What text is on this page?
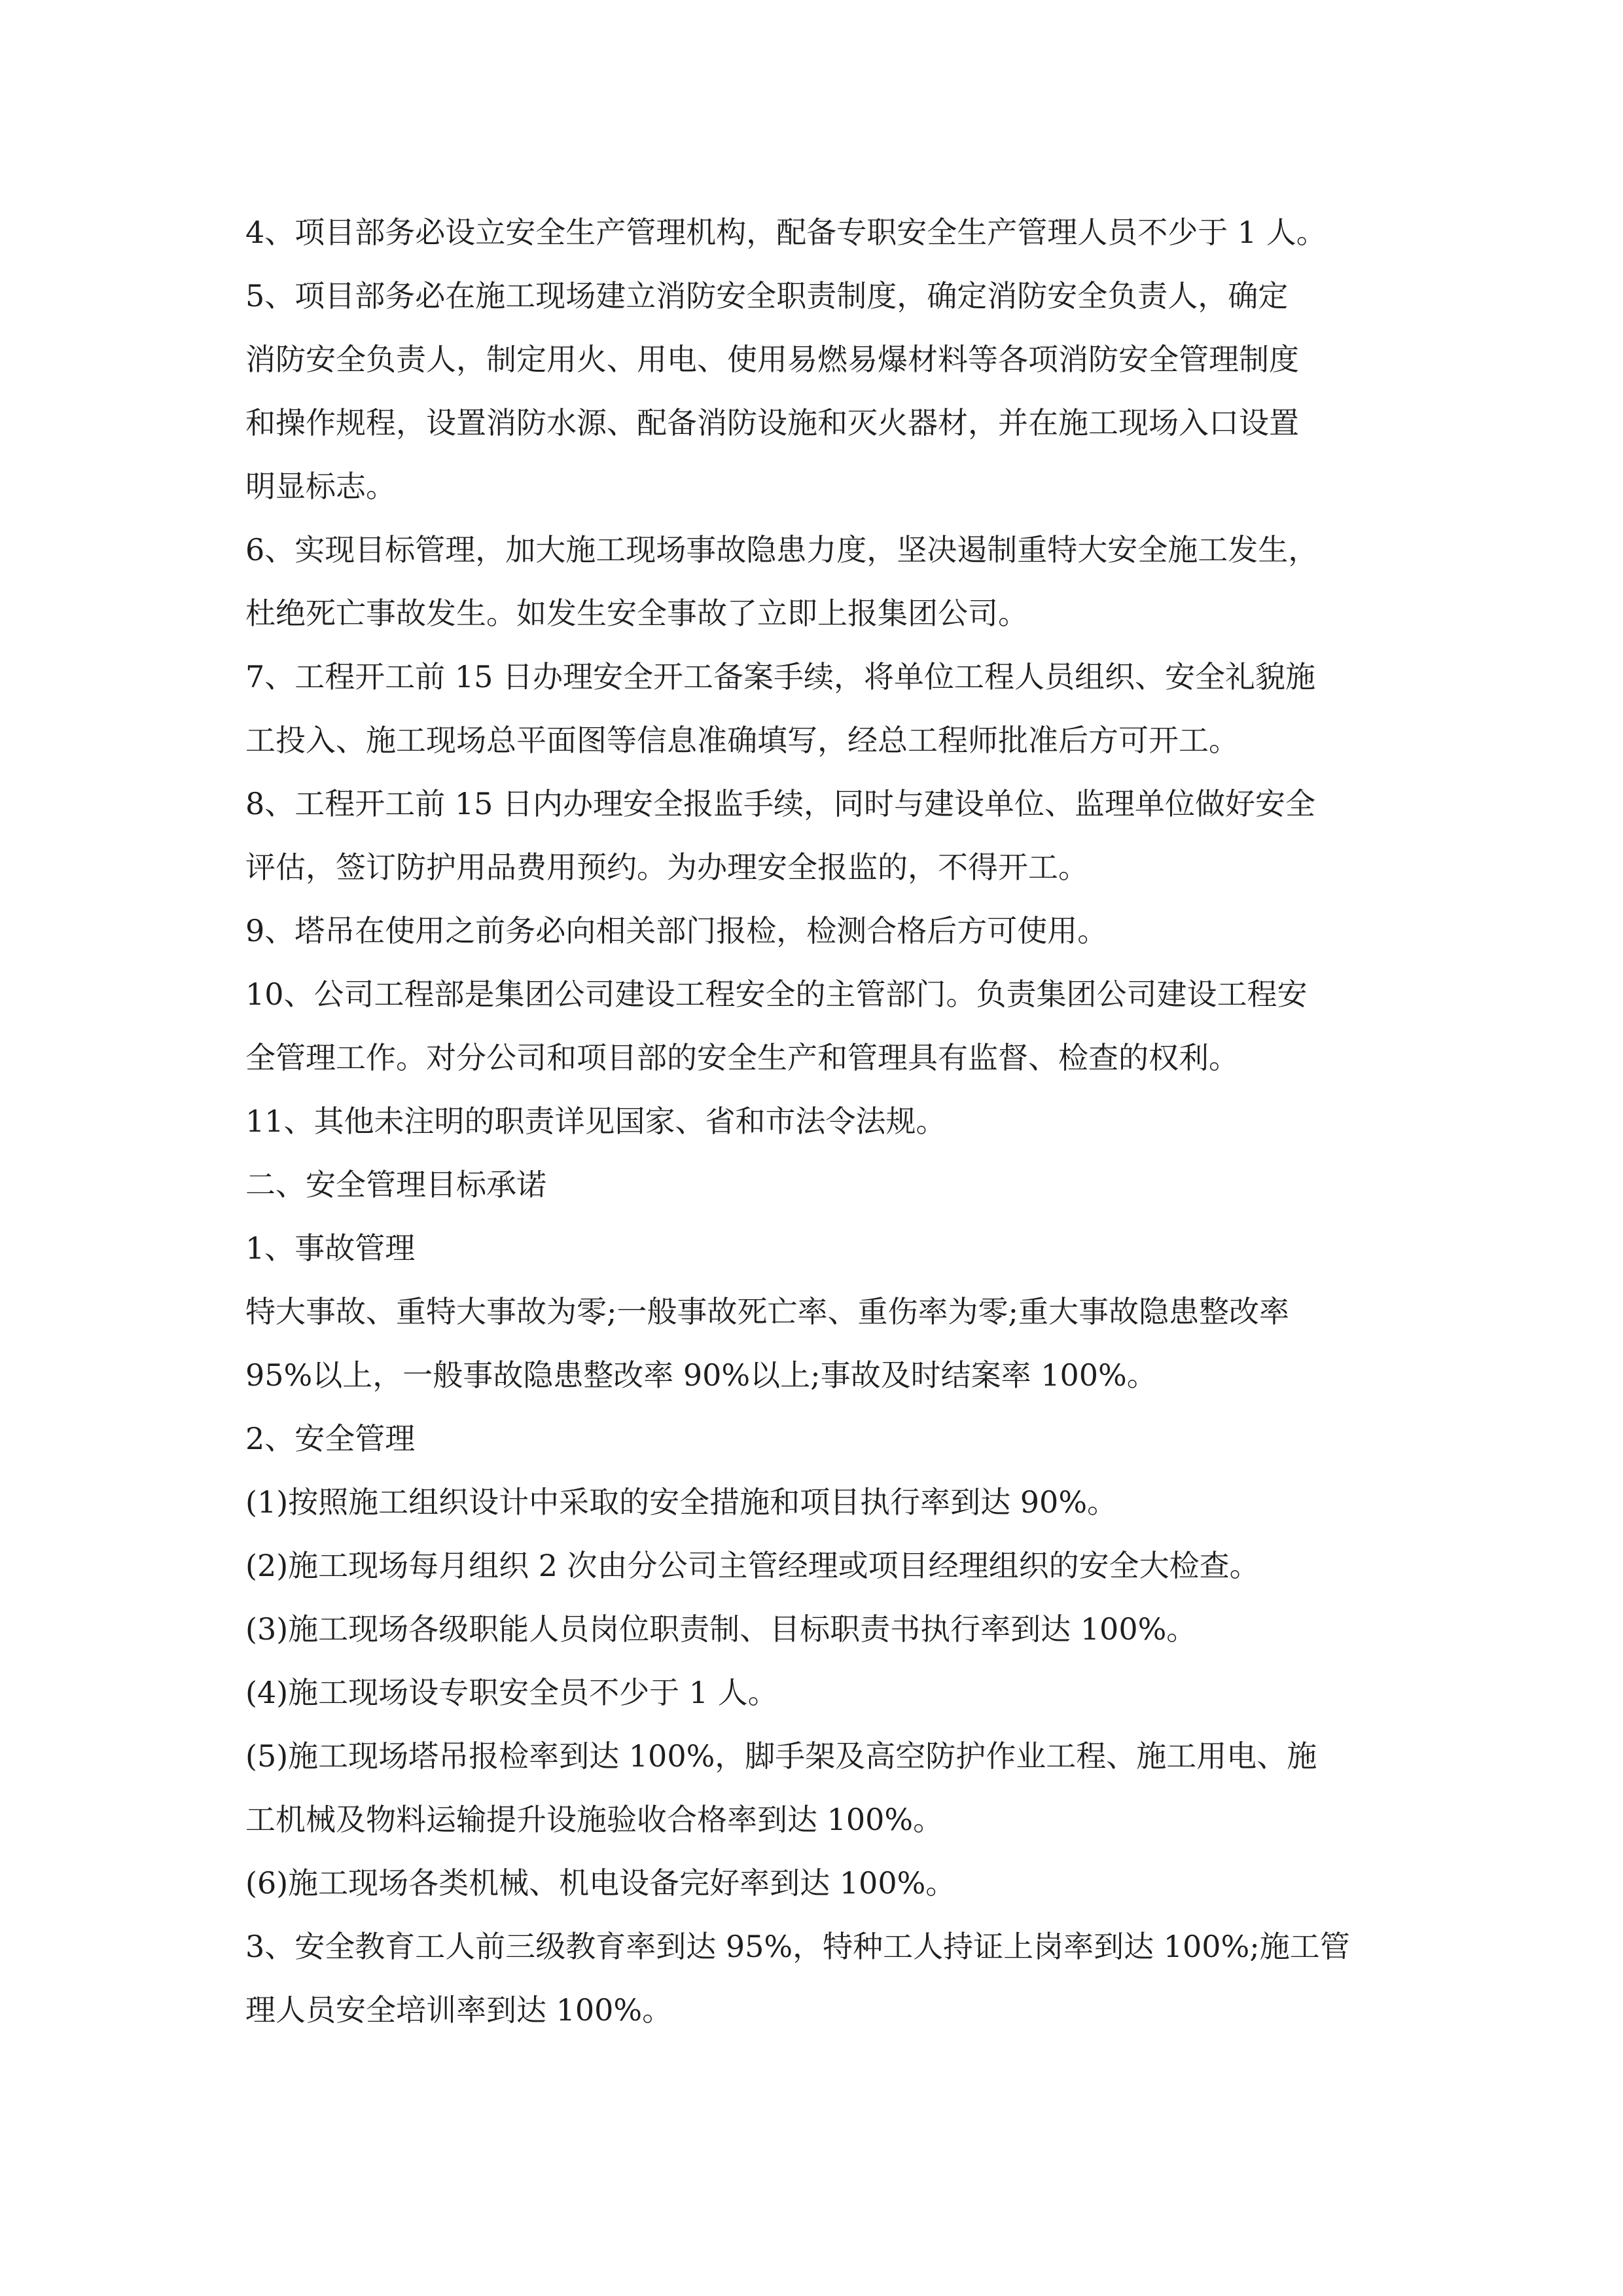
4、项目部务必设立安全生产管理机构，配备专职安全生产管理人员不少于 1 人。
5、项目部务必在施工现场建立消防安全职责制度，确定消防安全负责人，确定
消防安全负责人，制定用火、用电、使用易燃易爆材料等各项消防安全管理制度
和操作规程，设置消防水源、配备消防设施和灭火器材，并在施工现场入口设置
明显标志。
6、实现目标管理，加大施工现场事故隐患力度，坚决遏制重特大安全施工发生，
杜绝死亡事故发生。如发生安全事故了立即上报集团公司。
7、工程开工前 15 日办理安全开工备案手续，将单位工程人员组织、安全礼貌施
工投入、施工现场总平面图等信息准确填写，经总工程师批准后方可开工。
8、工程开工前 15 日内办理安全报监手续，同时与建设单位、监理单位做好安全
评估，签订防护用品费用预约。为办理安全报监的，不得开工。
9、塔吊在使用之前务必向相关部门报检，检测合格后方可使用。
10、公司工程部是集团公司建设工程安全的主管部门。负责集团公司建设工程安
全管理工作。对分公司和项目部的安全生产和管理具有监督、检查的权利。
11、其他未注明的职责详见国家、省和市法令法规。
二、安全管理目标承诺
1、事故管理
特大事故、重特大事故为零;一般事故死亡率、重伤率为零;重大事故隐患整改率
95%以上，一般事故隐患整改率 90%以上;事故及时结案率 100%。
2、安全管理
(1)按照施工组织设计中采取的安全措施和项目执行率到达 90%。
(2)施工现场每月组织 2 次由分公司主管经理或项目经理组织的安全大检查。
(3)施工现场各级职能人员岗位职责制、目标职责书执行率到达 100%。
(4)施工现场设专职安全员不少于 1 人。
(5)施工现场塔吊报检率到达 100%，脚手架及高空防护作业工程、施工用电、施
工机械及物料运输提升设施验收合格率到达 100%。
(6)施工现场各类机械、机电设备完好率到达 100%。
3、安全教育工人前三级教育率到达 95%，特种工人持证上岗率到达 100%;施工管
理人员安全培训率到达 100%。
